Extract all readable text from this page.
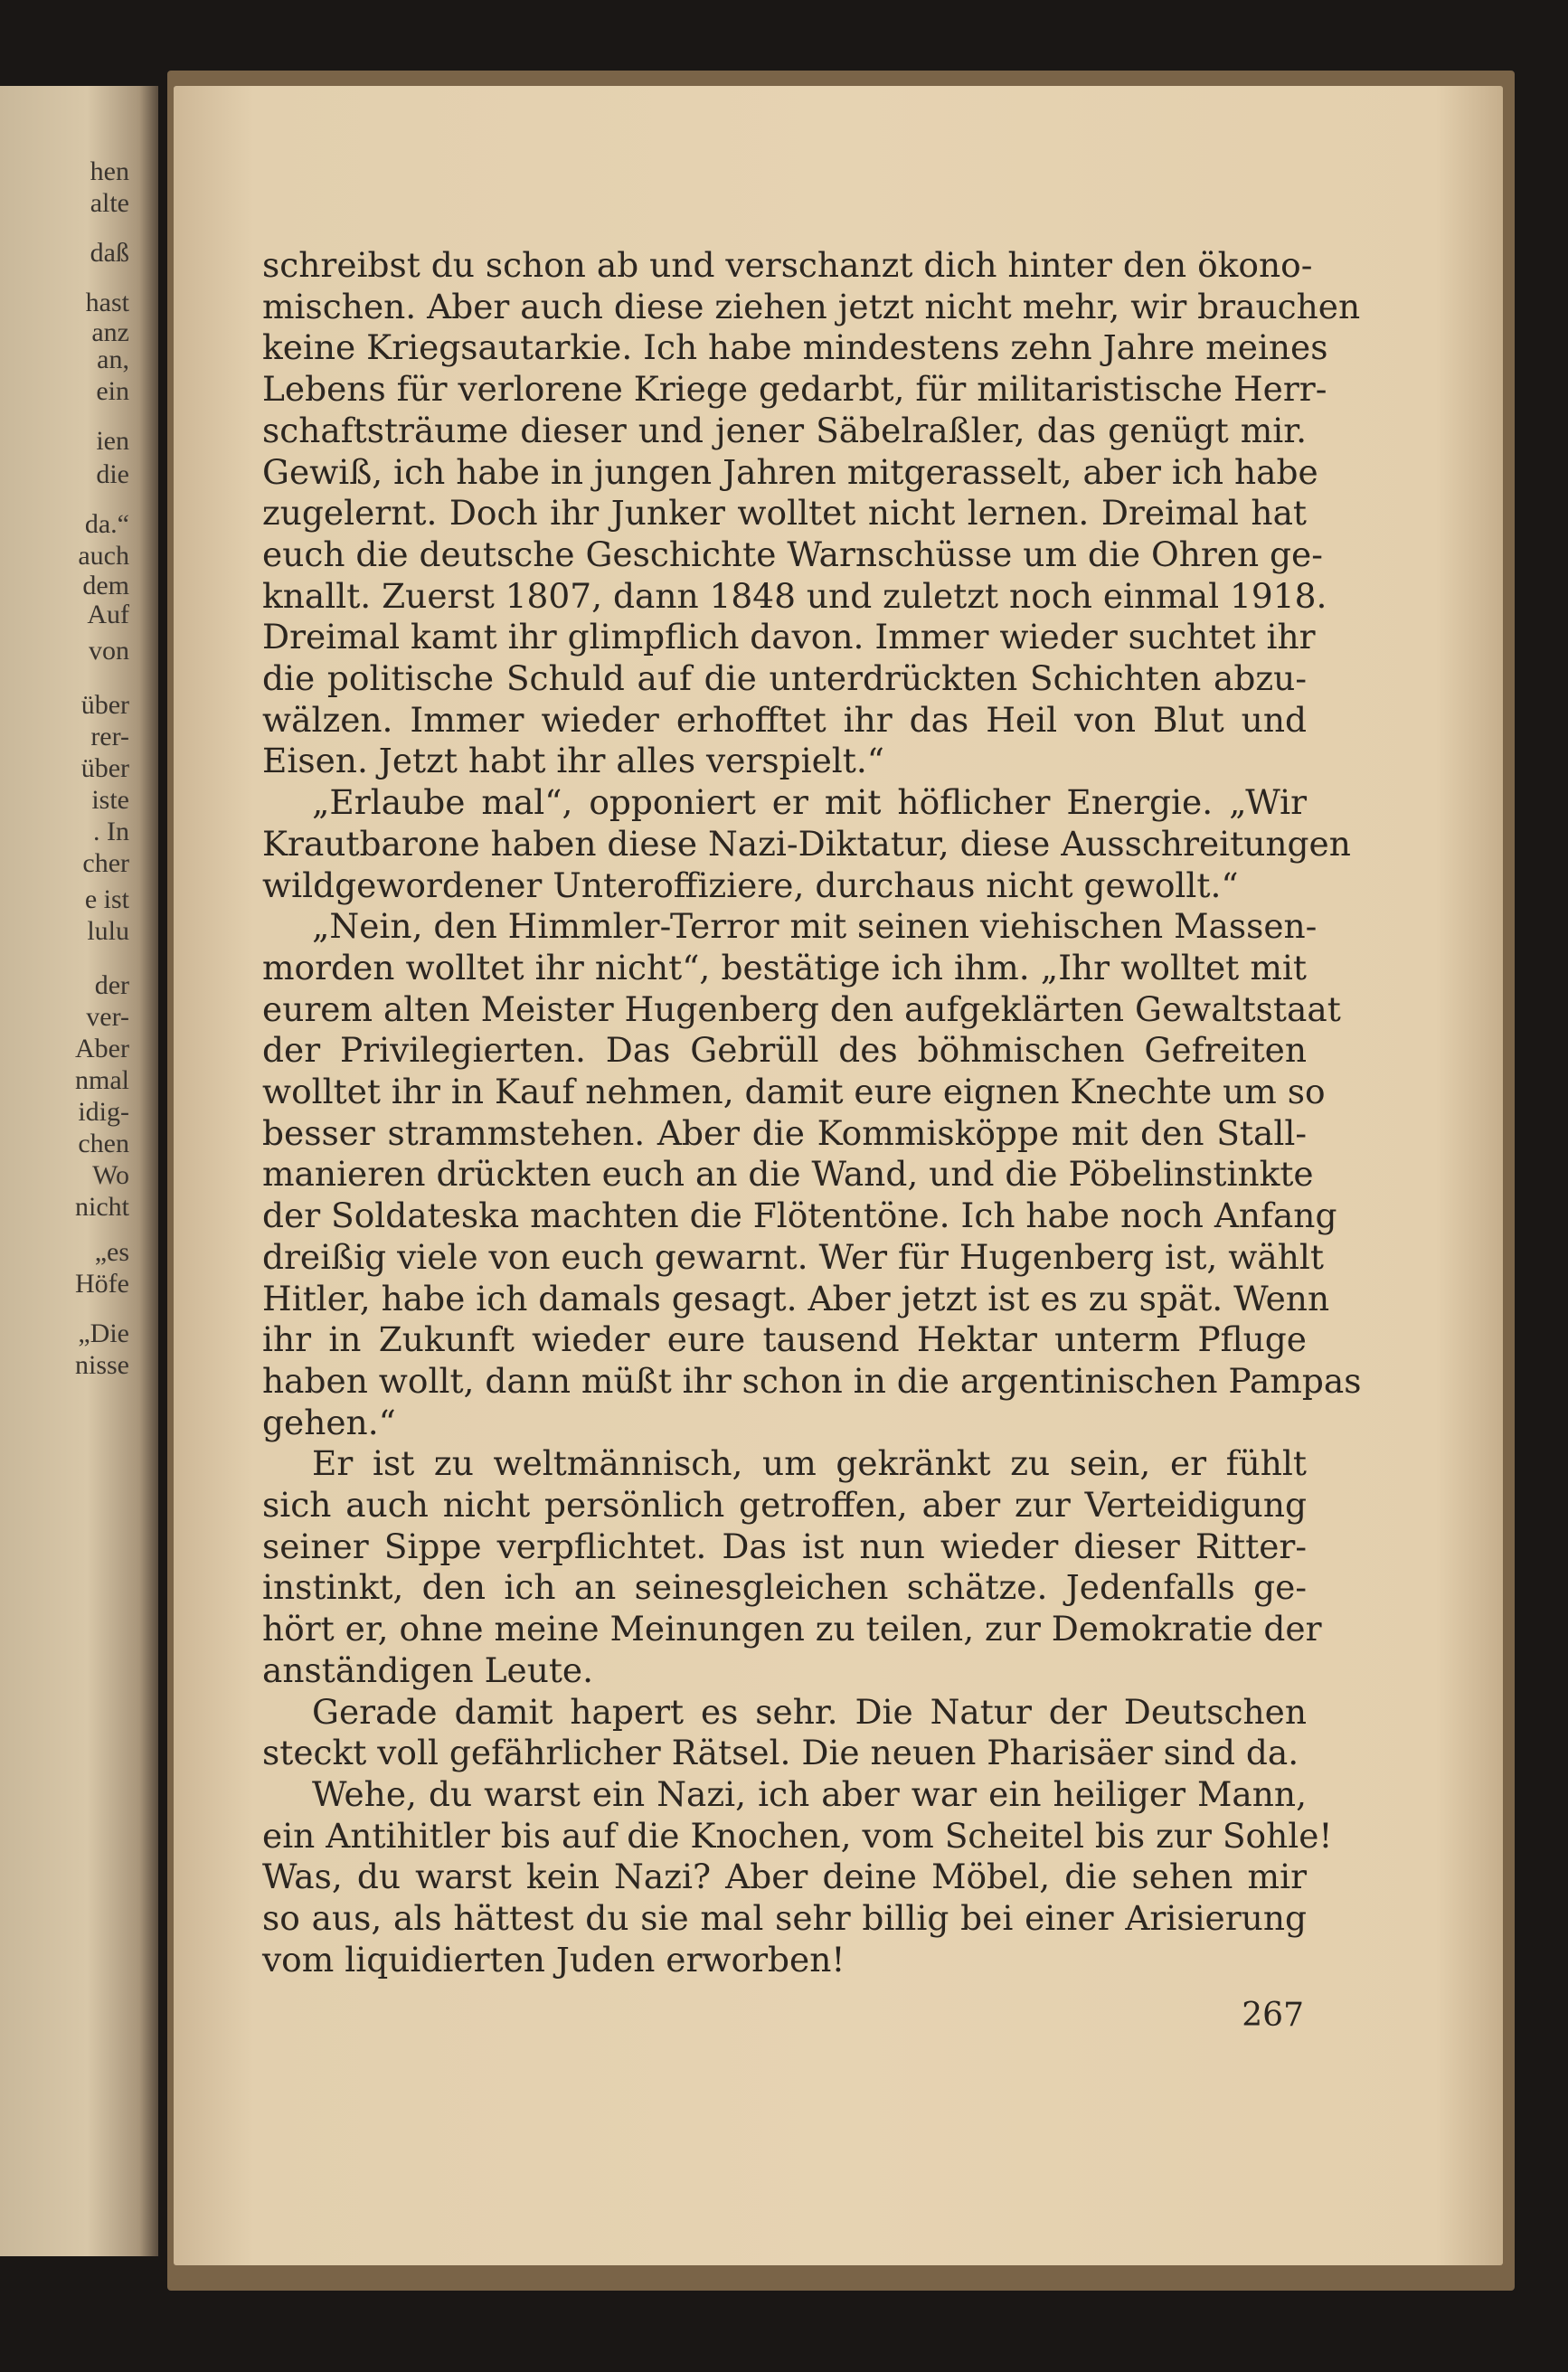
hen
alte
daß
hast
anz
an,
ein
ien
die
da.“
auch
dem
Auf
von
über
rer-
über
iste
. In
cher
e ist
lulu
der
ver-
Aber
nmal
idig-
chen
Wo
nicht
„es
Höfe
„Die
nisse
schreibst du schon ab und verschanzt dich hinter den ökono-
mischen. Aber auch diese ziehen jetzt nicht mehr, wir brauchen
keine Kriegsautarkie. Ich habe mindestens zehn Jahre meines
Lebens für verlorene Kriege gedarbt, für militaristische Herr-
schaftsträume dieser und jener Säbelraßler, das genügt mir.
Gewiß, ich habe in jungen Jahren mitgerasselt, aber ich habe
zugelernt. Doch ihr Junker wolltet nicht lernen. Dreimal hat
euch die deutsche Geschichte Warnschüsse um die Ohren ge-
knallt. Zuerst 1807, dann 1848 und zuletzt noch einmal 1918.
Dreimal kamt ihr glimpflich davon. Immer wieder suchtet ihr
die politische Schuld auf die unterdrückten Schichten abzu-
wälzen. Immer wieder erhofftet ihr das Heil von Blut und
Eisen. Jetzt habt ihr alles verspielt.“
„Erlaube mal“, opponiert er mit höflicher Energie. „Wir
Krautbarone haben diese Nazi-Diktatur, diese Ausschreitungen
wildgewordener Unteroffiziere, durchaus nicht gewollt.“
„Nein, den Himmler-Terror mit seinen viehischen Massen-
morden wolltet ihr nicht“, bestätige ich ihm. „Ihr wolltet mit
eurem alten Meister Hugenberg den aufgeklärten Gewaltstaat
der Privilegierten. Das Gebrüll des böhmischen Gefreiten
wolltet ihr in Kauf nehmen, damit eure eignen Knechte um so
besser strammstehen. Aber die Kommisköppe mit den Stall-
manieren drückten euch an die Wand, und die Pöbelinstinkte
der Soldateska machten die Flötentöne. Ich habe noch Anfang
dreißig viele von euch gewarnt. Wer für Hugenberg ist, wählt
Hitler, habe ich damals gesagt. Aber jetzt ist es zu spät. Wenn
ihr in Zukunft wieder eure tausend Hektar unterm Pfluge
haben wollt, dann müßt ihr schon in die argentinischen Pampas
gehen.“
Er ist zu weltmännisch, um gekränkt zu sein, er fühlt
sich auch nicht persönlich getroffen, aber zur Verteidigung
seiner Sippe verpflichtet. Das ist nun wieder dieser Ritter-
instinkt, den ich an seinesgleichen schätze. Jedenfalls ge-
hört er, ohne meine Meinungen zu teilen, zur Demokratie der
anständigen Leute.
Gerade damit hapert es sehr. Die Natur der Deutschen
steckt voll gefährlicher Rätsel. Die neuen Pharisäer sind da.
Wehe, du warst ein Nazi, ich aber war ein heiliger Mann,
ein Antihitler bis auf die Knochen, vom Scheitel bis zur Sohle!
Was, du warst kein Nazi? Aber deine Möbel, die sehen mir
so aus, als hättest du sie mal sehr billig bei einer Arisierung
vom liquidierten Juden erworben!
267
